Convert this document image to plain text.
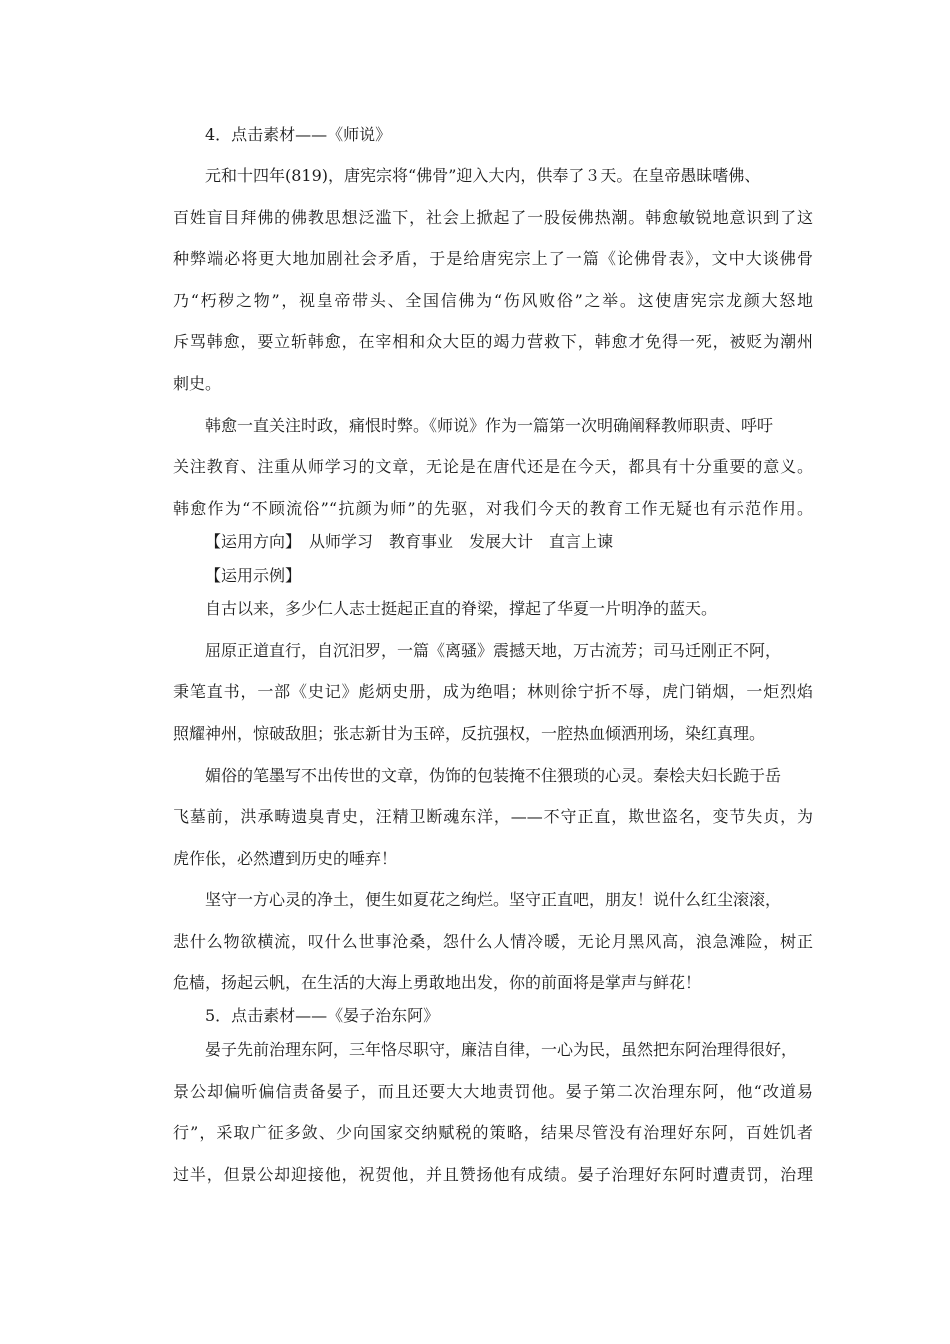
4．点击素材——《师说》
元和十四年(819)，唐宪宗将“佛骨”迎入大内，供奉了３天。在皇帝愚昧嗜佛、
百姓盲目拜佛的佛教思想泛滥下，社会上掀起了一股佞佛热潮。韩愈敏锐地意识到了这
种弊端必将更大地加剧社会矛盾，于是给唐宪宗上了一篇《论佛骨表》，文中大谈佛骨
乃“朽秽之物”，视皇帝带头、全国信佛为“伤风败俗”之举。这使唐宪宗龙颜大怒地
斥骂韩愈，要立斩韩愈，在宰相和众大臣的竭力营救下，韩愈才免得一死，被贬为潮州
刺史。
韩愈一直关注时政，痛恨时弊。《师说》作为一篇第一次明确阐释教师职责、呼吁
关注教育、注重从师学习的文章，无论是在唐代还是在今天，都具有十分重要的意义。
韩愈作为“不顾流俗”“抗颜为师”的先驱，对我们今天的教育工作无疑也有示范作用。
【运用方向】　从师学习　教育事业　发展大计　直言上谏
【运用示例】
自古以来，多少仁人志士挺起正直的脊梁，撑起了华夏一片明净的蓝天。
屈原正道直行，自沉汨罗，一篇《离骚》震撼天地，万古流芳；司马迁刚正不阿，
秉笔直书，一部《史记》彪炳史册，成为绝唱；林则徐宁折不辱，虎门销烟，一炬烈焰
照耀神州，惊破敌胆；张志新甘为玉碎，反抗强权，一腔热血倾洒刑场，染红真理。
媚俗的笔墨写不出传世的文章，伪饰的包装掩不住猥琐的心灵。秦桧夫妇长跪于岳
飞墓前，洪承畴遗臭青史，汪精卫断魂东洋，——不守正直，欺世盗名，变节失贞，为
虎作伥，必然遭到历史的唾弃！
坚守一方心灵的净土，便生如夏花之绚烂。坚守正直吧，朋友！说什么红尘滚滚，
悲什么物欲横流，叹什么世事沧桑，怨什么人情冷暖，无论月黑风高，浪急滩险，树正
危樯，扬起云帆，在生活的大海上勇敢地出发，你的前面将是掌声与鲜花！
5．点击素材——《晏子治东阿》
晏子先前治理东阿，三年恪尽职守，廉洁自律，一心为民，虽然把东阿治理得很好，
景公却偏听偏信责备晏子，而且还要大大地责罚他。晏子第二次治理东阿，他“改道易
行”，采取广征多敛、少向国家交纳赋税的策略，结果尽管没有治理好东阿，百姓饥者
过半，但景公却迎接他，祝贺他，并且赞扬他有成绩。晏子治理好东阿时遭责罚，治理
